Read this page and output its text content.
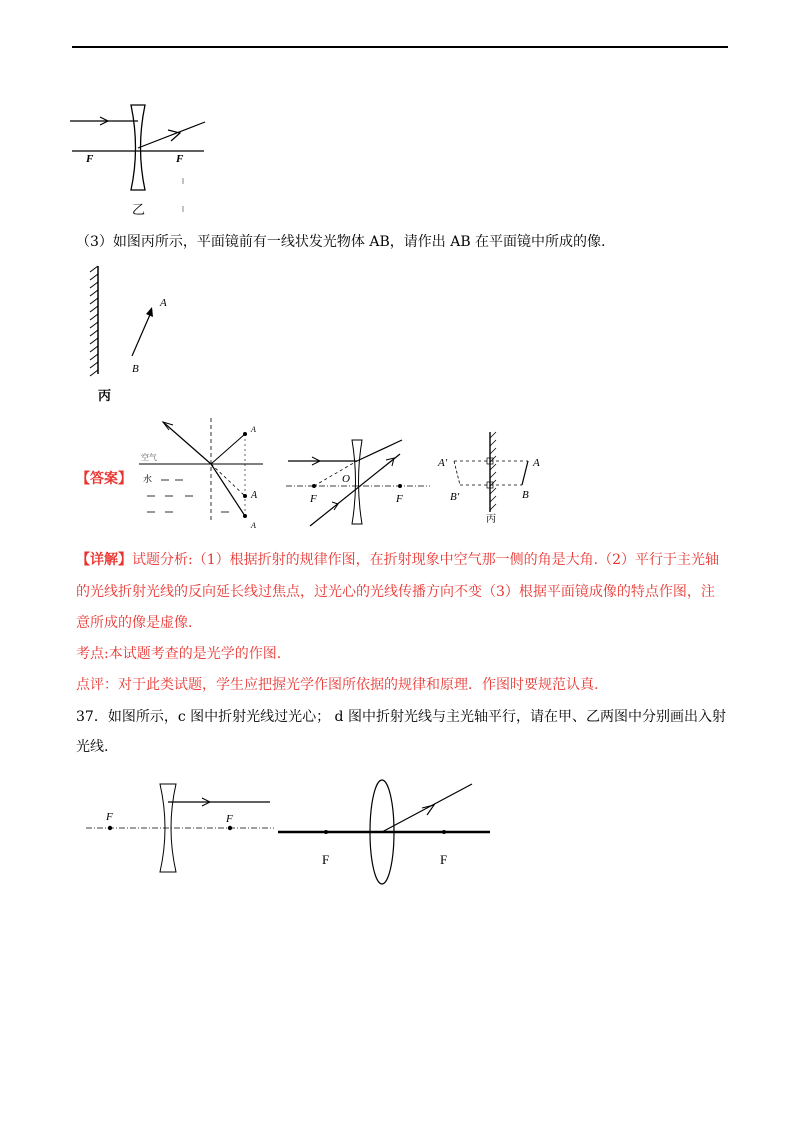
F	F
乙
（3）如图丙所示，平面镜前有一线状发光物体 AB，请作出 AB 在平面镜中所成的像.
A
B
丙
【答案】
空气
水
A
A
A
F	F
O
A'
B'
A
B
丙
【详解】试题分析:（1）根据折射的规律作图，在折射现象中空气那一侧的角是大角.（2）平行于主光轴
的光线折射光线的反向延长线过焦点，过光心的光线传播方向不变（3）根据平面镜成像的特点作图，注
意所成的像是虚像.
考点:本试题考查的是光学的作图.
点评：对于此类试题，学生应把握光学作图所依据的规律和原理．作图时要规范认真.
37．如图所示，c 图中折射光线过光心； d 图中折射光线与主光轴平行，请在甲、乙两图中分别画出入射
光线.
F	F
F	F
